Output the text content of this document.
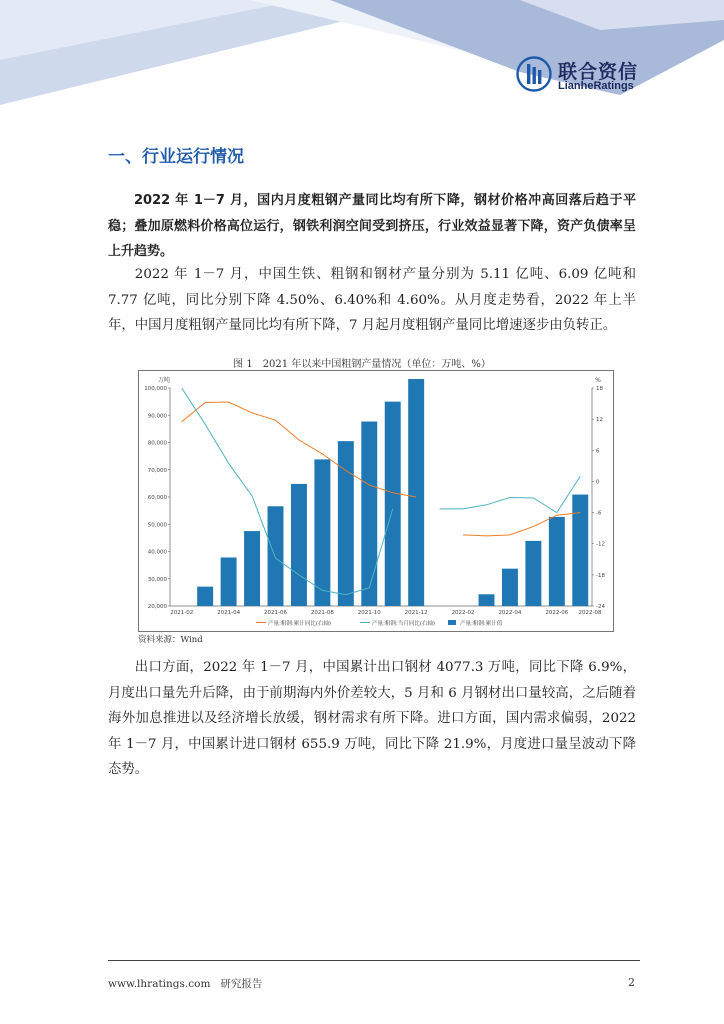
联合资信
LianheRatings
一、行业运行情况

2022 年 1－7 月，国内月度粗钢产量同比均有所下降，钢材价格冲高回落后趋于平稳；叠加原燃料价格高位运行，钢铁利润空间受到挤压，行业效益显著下降，资产负债率呈上升趋势。

2022 年 1－7 月，中国生铁、粗钢和钢材产量分别为 5.11 亿吨、6.09 亿吨和 7.77 亿吨，同比分别下降 4.50%、6.40%和 4.60%。从月度走势看，2022 年上半年，中国月度粗钢产量同比均有所下降，7 月起月度粗钢产量同比增速逐步由负转正。

图 1　2021 年以来中国粗钢产量情况（单位：万吨、%）
万吨	%
20,000
30,000
40,000
50,000
60,000
70,000
80,000
90,000
100,000
-24
-18
-12
-6
0
6
12
18
2021-02	2021-04	2021-06	2021-08	2021-10	2021-12	2022-02	2022-04	2022-06 2022-08
产量:粗钢:累计同比(右轴)	产量:粗钢:当月同比(右轴)	产量:粗钢:累计值
资料来源：Wind

出口方面，2022 年 1－7 月，中国累计出口钢材 4077.3 万吨，同比下降 6.9%，月度出口量先升后降，由于前期海内外价差较大，5 月和 6 月钢材出口量较高，之后随着海外加息推进以及经济增长放缓，钢材需求有所下降。进口方面，国内需求偏弱，2022 年 1－7 月，中国累计进口钢材 655.9 万吨，同比下降 21.9%，月度进口量呈波动下降态势。

www.lhratings.com 研究报告	2
